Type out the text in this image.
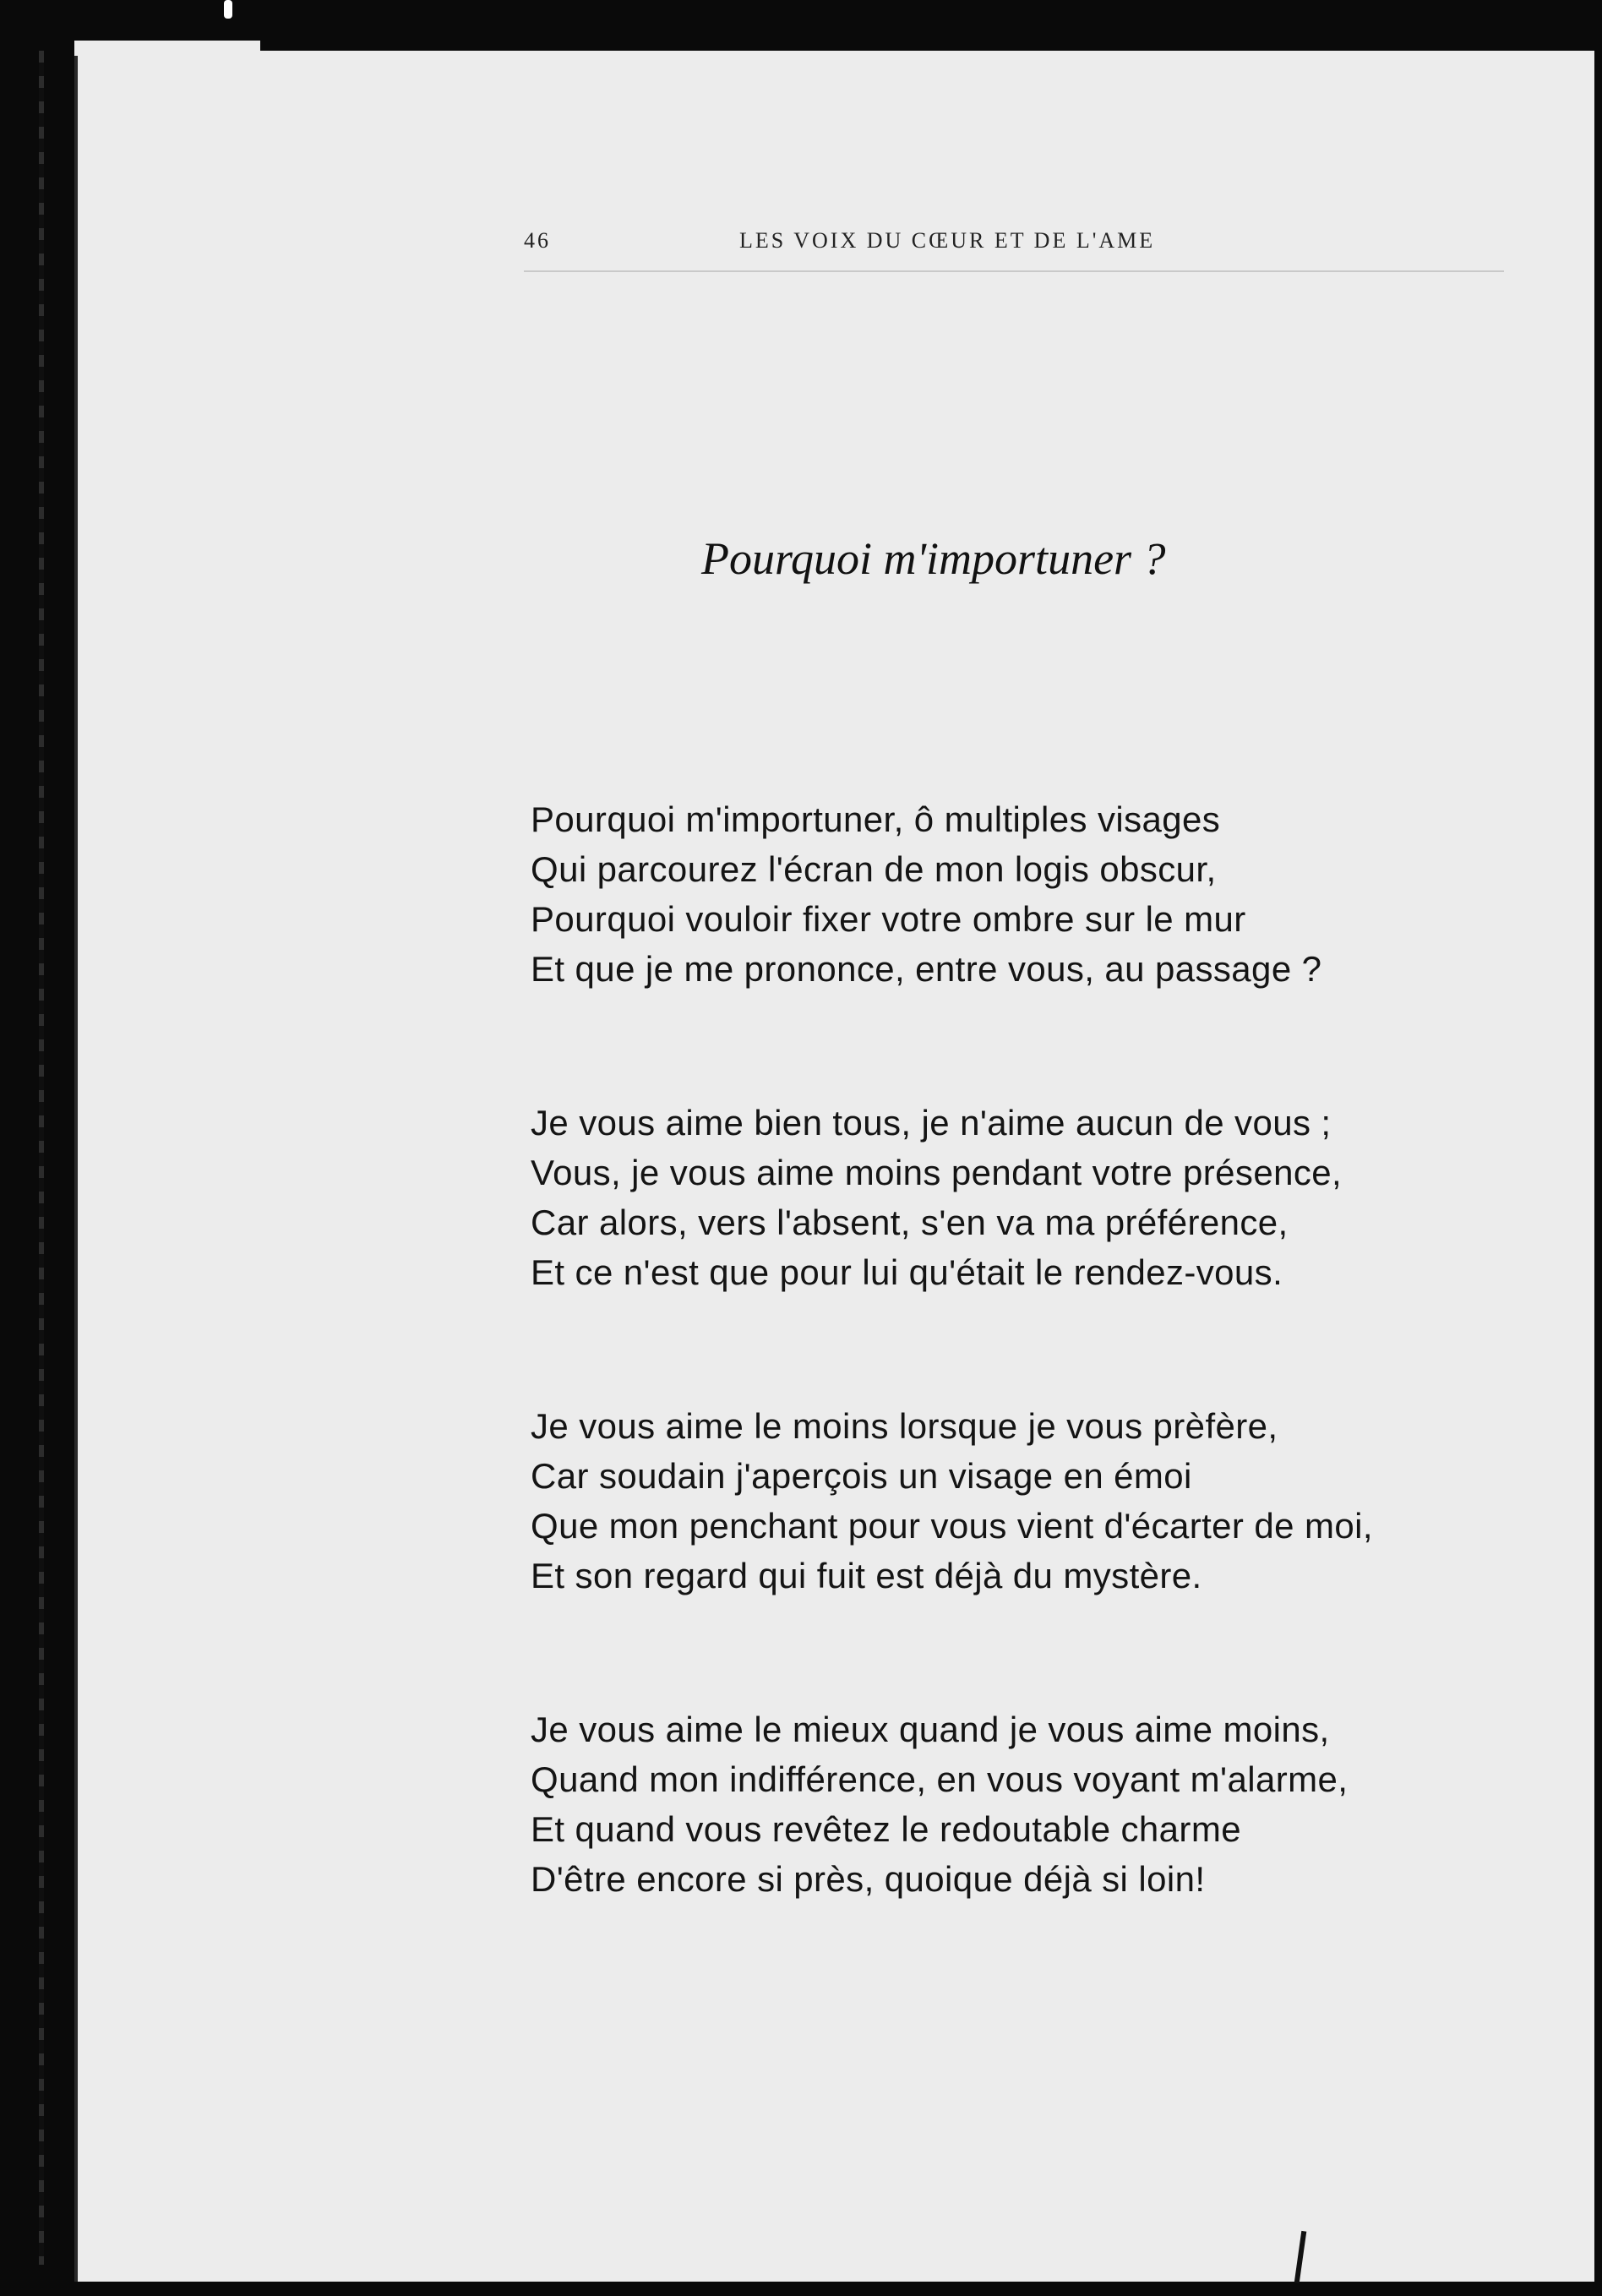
46	LES VOIX DU CŒUR ET DE L'AME
Pourquoi m'importuner ?
Pourquoi m'importuner, ô multiples visages
Qui parcourez l'écran de mon logis obscur,
Pourquoi vouloir fixer votre ombre sur le mur
Et que je me prononce, entre vous, au passage ?
Je vous aime bien tous, je n'aime aucun de vous ;
Vous, je vous aime moins pendant votre présence,
Car alors, vers l'absent, s'en va ma préférence,
Et ce n'est que pour lui qu'était le rendez-vous.
Je vous aime le moins lorsque je vous prèfère,
Car soudain j'aperçois un visage en émoi
Que mon penchant pour vous vient d'écarter de moi,
Et son regard qui fuit est déjà du mystère.
Je vous aime le mieux quand je vous aime moins,
Quand mon indifférence, en vous voyant m'alarme,
Et quand vous revêtez le redoutable charme
D'être encore si près, quoique déjà si loin!
